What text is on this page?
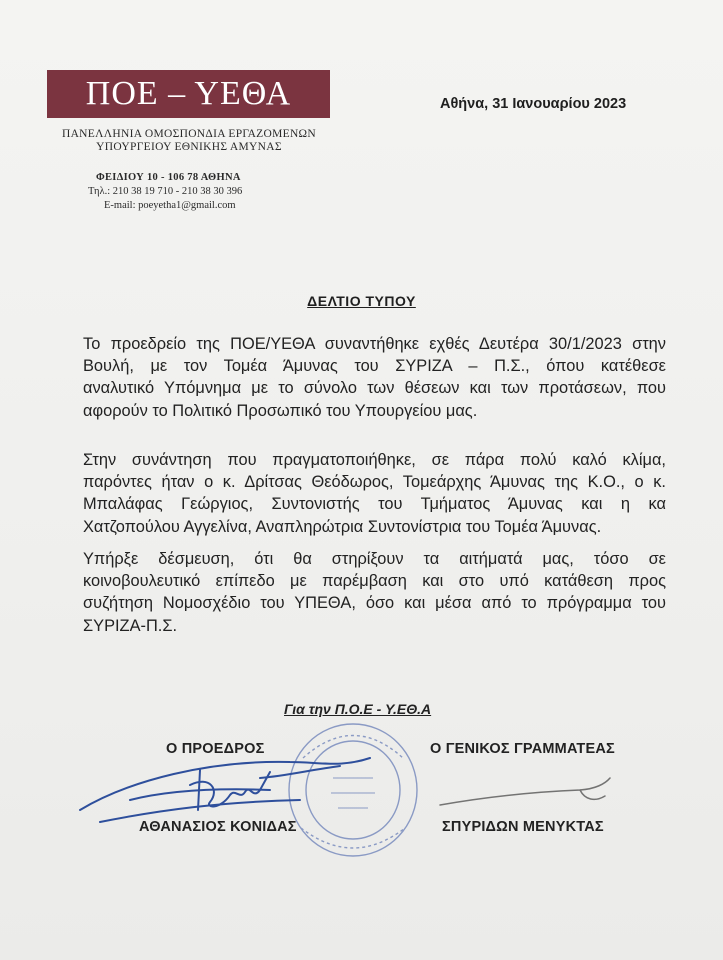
ΠΟΕ – ΥΕΘΑ
ΠΑΝΕΛΛΗΝΙΑ ΟΜΟΣΠΟΝΔΙΑ ΕΡΓΑΖΟΜΕΝΩΝ
ΥΠΟΥΡΓΕΙΟΥ ΕΘΝΙΚΗΣ ΑΜΥΝΑΣ
ΦΕΙΔΙΟΥ 10 - 106 78 ΑΘΗΝΑ
Τηλ.: 210 38 19 710 - 210 38 30 396
E-mail: poeyetha1@gmail.com
Αθήνα, 31 Ιανουαρίου 2023
ΔΕΛΤΙΟ ΤΥΠΟΥ
Το προεδρείο της ΠΟΕ/ΥΕΘΑ συναντήθηκε εχθές Δευτέρα 30/1/2023 στην
Βουλή, με τον Τομέα Άμυνας του ΣΥΡΙΖΑ – Π.Σ., όπου κατέθεσε
αναλυτικό Υπόμνημα με το σύνολο των θέσεων και των προτάσεων, που
αφορούν το Πολιτικό Προσωπικό του Υπουργείου μας.
Στην συνάντηση που πραγματοποιήθηκε, σε πάρα πολύ καλό κλίμα,
παρόντες ήταν ο κ. Δρίτσας Θεόδωρος, Τομεάρχης Άμυνας της Κ.Ο., ο κ.
Μπαλάφας Γεώργιος, Συντονιστής του Τμήματος Άμυνας και η κα
Χατζοπούλου Αγγελίνα, Αναπληρώτρια Συντονίστρια του Τομέα Άμυνας.
Υπήρξε δέσμευση, ότι θα στηρίξουν τα αιτήματά μας, τόσο σε
κοινοβουλευτικό επίπεδο με παρέμβαση και στο υπό κατάθεση προς
συζήτηση Νομοσχέδιο του ΥΠΕΘΑ, όσο και μέσα από το πρόγραμμα του
ΣΥΡΙΖΑ-Π.Σ.
Για την Π.Ο.Ε - Υ.ΕΘ.Α
Ο ΠΡΟΕΔΡΟΣ	Ο ΓΕΝΙΚΟΣ ΓΡΑΜΜΑΤΕΑΣ
ΑΘΑΝΑΣΙΟΣ ΚΟΝΙΔΑΣ	ΣΠΥΡΙΔΩΝ ΜΕΝΥΚΤΑΣ
